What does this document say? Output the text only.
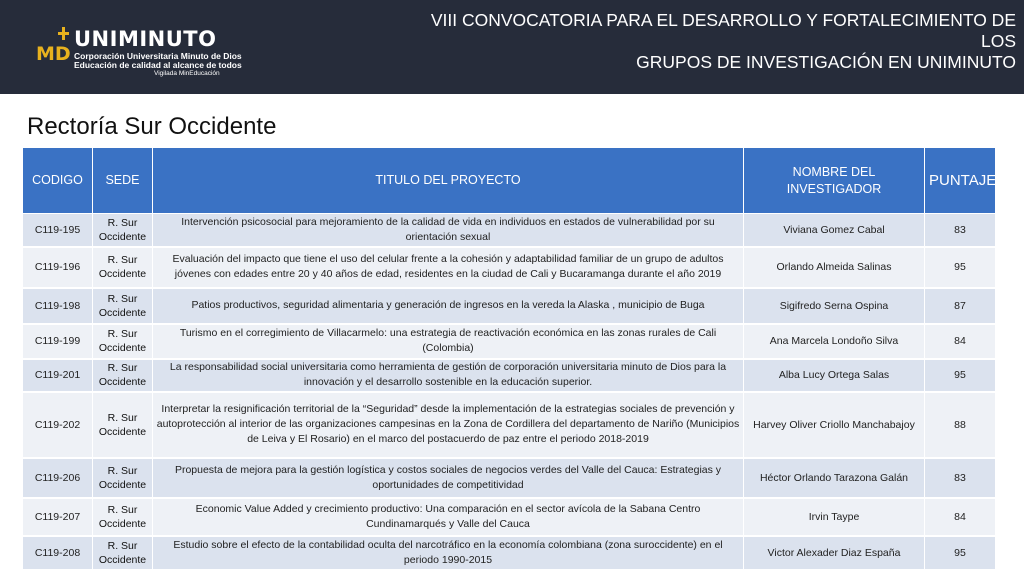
MD
UNIMINUTO
Corporación Universitaria Minuto de Dios
Educación de calidad al alcance de todos
Vigilada MinEducación
VIII CONVOCATORIA PARA EL DESARROLLO Y FORTALECIMIENTO DE LOS
GRUPOS DE INVESTIGACIÓN EN UNIMINUTO
Rectoría Sur Occidente
CODIGO	SEDE	TITULO DEL PROYECTO	NOMBRE DEL INVESTIGADOR	PUNTAJE
C119-195	R. Sur Occidente	Intervención psicosocial para mejoramiento de la calidad de vida en individuos en estados de vulnerabilidad por su orientación sexual	Viviana Gomez Cabal	83
C119-196	R. Sur Occidente	Evaluación del impacto que tiene el uso del celular frente a la cohesión y adaptabilidad familiar de un grupo de adultos jóvenes con edades entre 20 y 40 años de edad, residentes en la ciudad de Cali y Bucaramanga durante el año 2019	Orlando Almeida Salinas	95
C119-198	R. Sur Occidente	Patios productivos, seguridad alimentaria y generación de ingresos en la vereda la Alaska , municipio de Buga	Sigifredo Serna Ospina	87
C119-199	R. Sur Occidente	Turismo en el corregimiento de Villacarmelo: una estrategia de reactivación económica en las zonas rurales de Cali (Colombia)	Ana Marcela Londoño Silva	84
C119-201	R. Sur Occidente	La responsabilidad social universitaria como herramienta de gestión de corporación universitaria minuto de Dios para la innovación y el desarrollo sostenible en la educación superior.	Alba Lucy Ortega Salas	95
C119-202	R. Sur Occidente	Interpretar la resignificación territorial de la “Seguridad” desde la implementación de la estrategias sociales de prevención y autoprotección al interior de las organizaciones campesinas en la Zona de Cordillera del departamento de Nariño (Municipios de Leiva y El Rosario) en el marco del postacuerdo de paz entre el periodo 2018-2019	Harvey Oliver Criollo Manchabajoy	88
C119-206	R. Sur Occidente	Propuesta de mejora para la gestión logística y costos sociales de negocios verdes del Valle del Cauca: Estrategias y oportunidades de competitividad	Héctor Orlando Tarazona Galán	83
C119-207	R. Sur Occidente	Economic Value Added y crecimiento productivo: Una comparación en el sector avícola de la Sabana Centro Cundinamarqués y Valle del Cauca	Irvin Taype	84
C119-208	R. Sur Occidente	Estudio sobre el efecto de la contabilidad oculta del narcotráfico en la economía colombiana (zona suroccidente) en el periodo 1990-2015	Victor Alexader Diaz España	95
